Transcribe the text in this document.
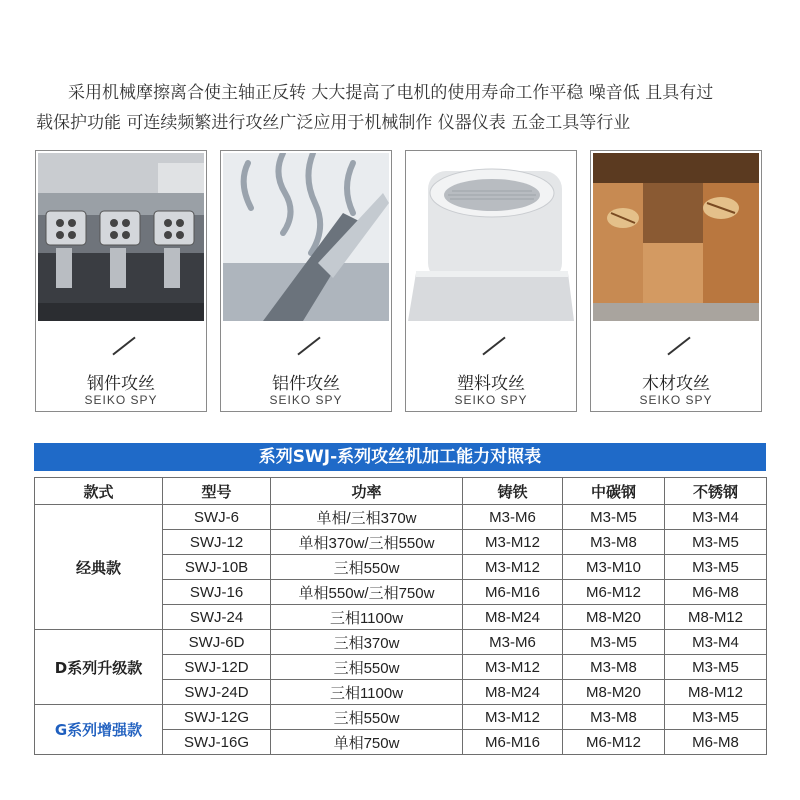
采用机械摩擦离合使主轴正反转 大大提高了电机的使用寿命工作平稳 噪音低 且具有过
载保护功能 可连续频繁进行攻丝广泛应用于机械制作 仪器仪表 五金工具等行业
钢件攻丝
SEIKO SPY
铝件攻丝
SEIKO SPY
塑料攻丝
SEIKO SPY
木材攻丝
SEIKO SPY
系列SWJ-系列攻丝机加工能力对照表
款式	型号	功率	铸铁	中碳钢	不锈钢
经典款	SWJ-6	单相/三相370w	M3-M6	M3-M5	M3-M4
	SWJ-12	单相370w/三相550w	M3-M12	M3-M8	M3-M5
	SWJ-10B	三相550w	M3-M12	M3-M10	M3-M5
	SWJ-16	单相550w/三相750w	M6-M16	M6-M12	M6-M8
	SWJ-24	三相1100w	M8-M24	M8-M20	M8-M12
D系列升级款	SWJ-6D	三相370w	M3-M6	M3-M5	M3-M4
	SWJ-12D	三相550w	M3-M12	M3-M8	M3-M5
	SWJ-24D	三相1100w	M8-M24	M8-M20	M8-M12
G系列增强款	SWJ-12G	三相550w	M3-M12	M3-M8	M3-M5
	SWJ-16G	单相750w	M6-M16	M6-M12	M6-M8
